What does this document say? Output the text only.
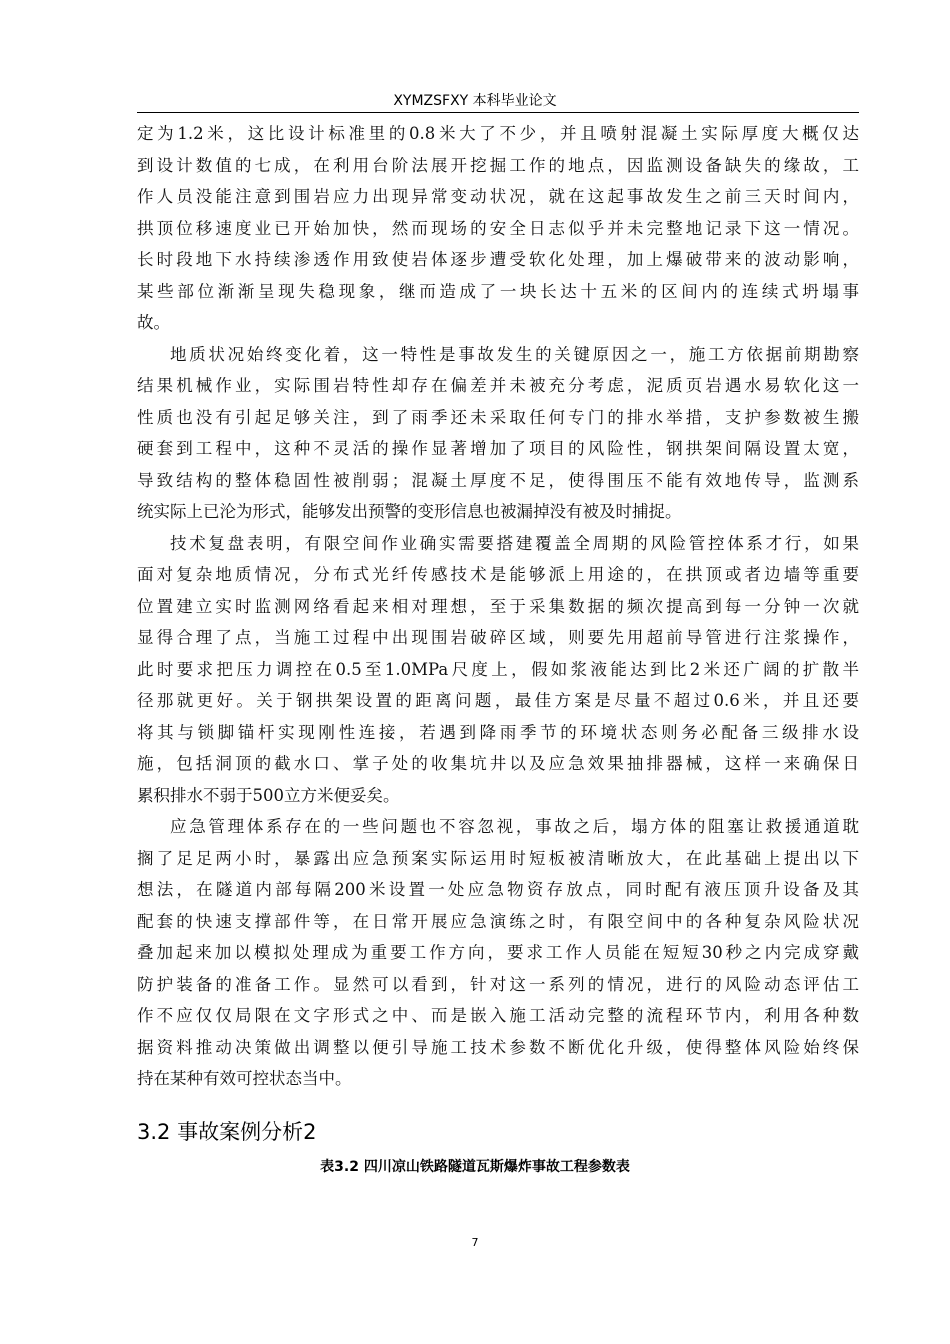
XYMZSFXY 本科毕业论文
定为1.2米，这比设计标准里的0.8米大了不少，并且喷射混凝土实际厚度大概仅达
到设计数值的七成，在利用台阶法展开挖掘工作的地点，因监测设备缺失的缘故，工
作人员没能注意到围岩应力出现异常变动状况，就在这起事故发生之前三天时间内，
拱顶位移速度业已开始加快，然而现场的安全日志似乎并未完整地记录下这一情况。
长时段地下水持续渗透作用致使岩体逐步遭受软化处理，加上爆破带来的波动影响，
某些部位渐渐呈现失稳现象，继而造成了一块长达十五米的区间内的连续式坍塌事
故。
地质状况始终变化着，这一特性是事故发生的关键原因之一，施工方依据前期勘察
结果机械作业，实际围岩特性却存在偏差并未被充分考虑，泥质页岩遇水易软化这一
性质也没有引起足够关注，到了雨季还未采取任何专门的排水举措，支护参数被生搬
硬套到工程中，这种不灵活的操作显著增加了项目的风险性，钢拱架间隔设置太宽，
导致结构的整体稳固性被削弱；混凝土厚度不足，使得围压不能有效地传导，监测系
统实际上已沦为形式，能够发出预警的变形信息也被漏掉没有被及时捕捉。
技术复盘表明，有限空间作业确实需要搭建覆盖全周期的风险管控体系才行，如果
面对复杂地质情况，分布式光纤传感技术是能够派上用途的，在拱顶或者边墙等重要
位置建立实时监测网络看起来相对理想，至于采集数据的频次提高到每一分钟一次就
显得合理了点，当施工过程中出现围岩破碎区域，则要先用超前导管进行注浆操作，
此时要求把压力调控在0.5至1.0MPa尺度上，假如浆液能达到比2米还广阔的扩散半
径那就更好。关于钢拱架设置的距离问题，最佳方案是尽量不超过0.6米，并且还要
将其与锁脚锚杆实现刚性连接，若遇到降雨季节的环境状态则务必配备三级排水设
施，包括洞顶的截水口、掌子处的收集坑井以及应急效果抽排器械，这样一来确保日
累积排水不弱于500立方米便妥矣。
应急管理体系存在的一些问题也不容忽视，事故之后，塌方体的阻塞让救援通道耽
搁了足足两小时，暴露出应急预案实际运用时短板被清晰放大，在此基础上提出以下
想法，在隧道内部每隔200米设置一处应急物资存放点，同时配有液压顶升设备及其
配套的快速支撑部件等，在日常开展应急演练之时，有限空间中的各种复杂风险状况
叠加起来加以模拟处理成为重要工作方向，要求工作人员能在短短30秒之内完成穿戴
防护装备的准备工作。显然可以看到，针对这一系列的情况，进行的风险动态评估工
作不应仅仅局限在文字形式之中、而是嵌入施工活动完整的流程环节内，利用各种数
据资料推动决策做出调整以便引导施工技术参数不断优化升级，使得整体风险始终保
持在某种有效可控状态当中。
3.2 事故案例分析2
表3.2 四川凉山铁路隧道瓦斯爆炸事故工程参数表
7
